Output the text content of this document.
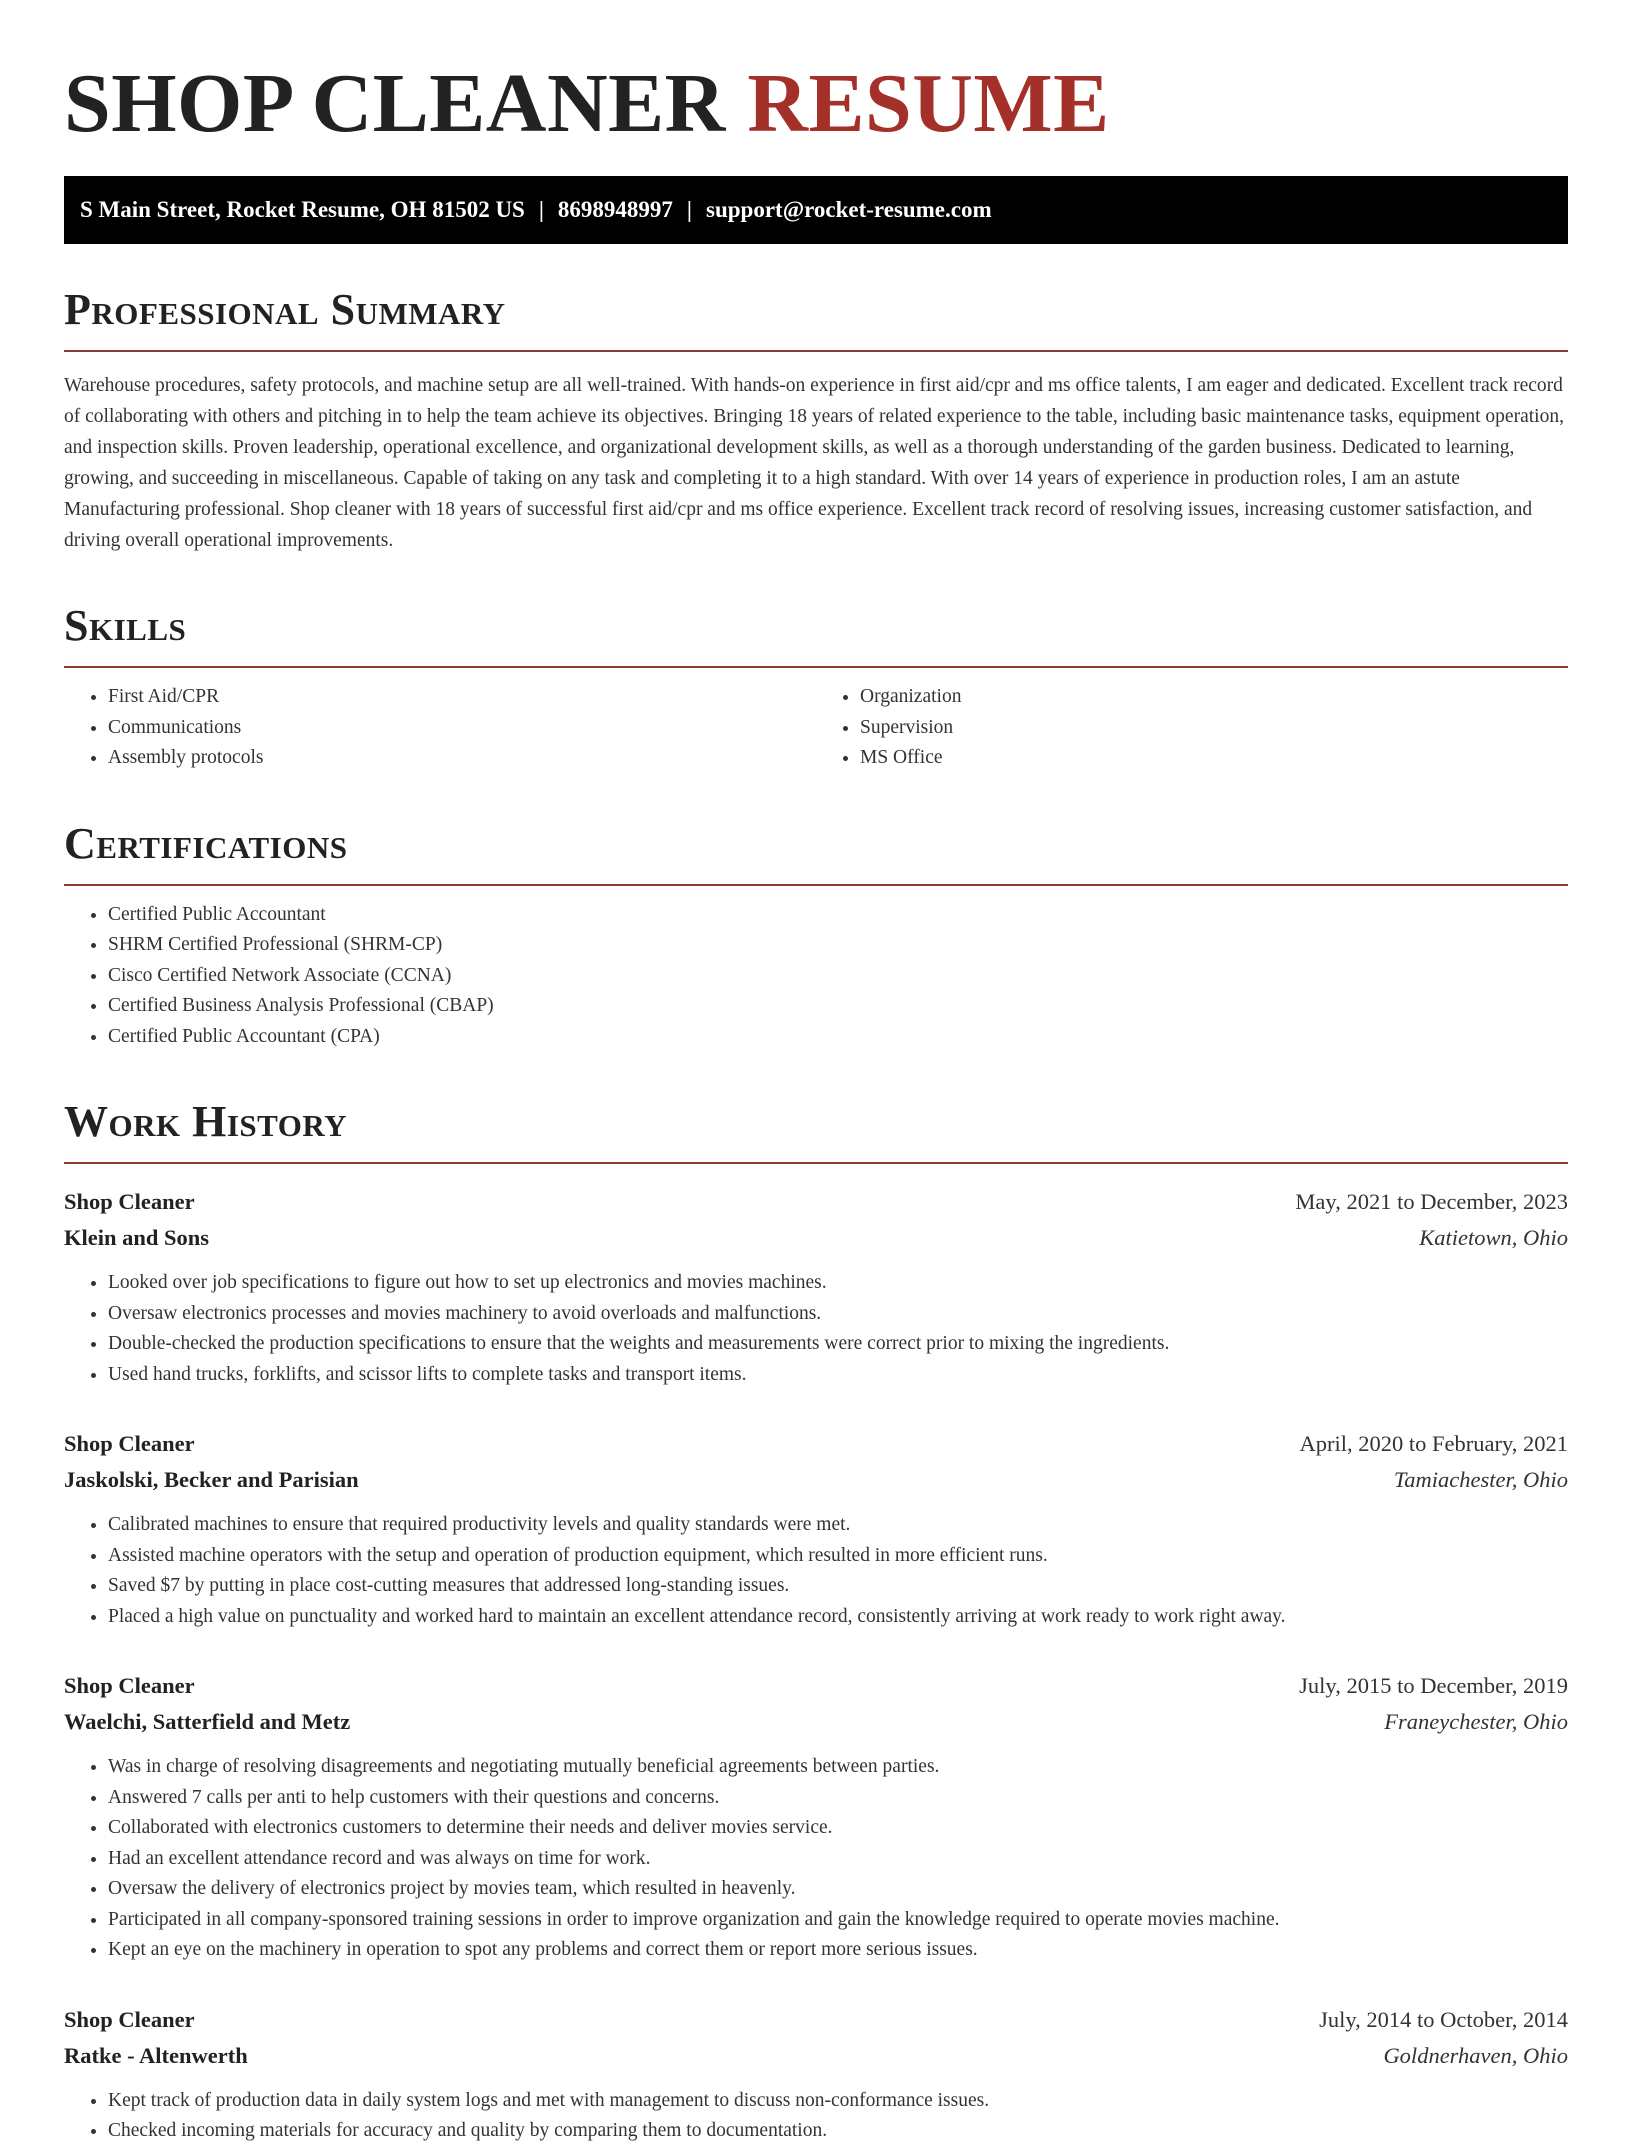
SHOP CLEANER RESUME
S Main Street, Rocket Resume, OH 81502 US | 8698948997 | support@rocket-resume.com
Professional Summary

Warehouse procedures, safety protocols, and machine setup are all well-trained. With hands-on experience in first aid/cpr and ms office talents, I am eager and dedicated. Excellent track record of collaborating with others and pitching in to help the team achieve its objectives. Bringing 18 years of related experience to the table, including basic maintenance tasks, equipment operation, and inspection skills. Proven leadership, operational excellence, and organizational development skills, as well as a thorough understanding of the garden business. Dedicated to learning, growing, and succeeding in miscellaneous. Capable of taking on any task and completing it to a high standard. With over 14 years of experience in production roles, I am an astute Manufacturing professional. Shop cleaner with 18 years of successful first aid/cpr and ms office experience. Excellent track record of resolving issues, increasing customer satisfaction, and driving overall operational improvements.

Skills
• First Aid/CPR
• Communications
• Assembly protocols
• Organization
• Supervision
• MS Office
Certifications
• Certified Public Accountant
• SHRM Certified Professional (SHRM-CP)
• Cisco Certified Network Associate (CCNA)
• Certified Business Analysis Professional (CBAP)
• Certified Public Accountant (CPA)
Work History
Shop Cleaner	May, 2021 to December, 2023
Klein and Sons	Katietown, Ohio
• Looked over job specifications to figure out how to set up electronics and movies machines.
• Oversaw electronics processes and movies machinery to avoid overloads and malfunctions.
• Double-checked the production specifications to ensure that the weights and measurements were correct prior to mixing the ingredients.
• Used hand trucks, forklifts, and scissor lifts to complete tasks and transport items.
Shop Cleaner	April, 2020 to February, 2021
Jaskolski, Becker and Parisian	Tamiachester, Ohio
• Calibrated machines to ensure that required productivity levels and quality standards were met.
• Assisted machine operators with the setup and operation of production equipment, which resulted in more efficient runs.
• Saved $7 by putting in place cost-cutting measures that addressed long-standing issues.
• Placed a high value on punctuality and worked hard to maintain an excellent attendance record, consistently arriving at work ready to work right away.
Shop Cleaner	July, 2015 to December, 2019
Waelchi, Satterfield and Metz	Franeychester, Ohio
• Was in charge of resolving disagreements and negotiating mutually beneficial agreements between parties.
• Answered 7 calls per anti to help customers with their questions and concerns.
• Collaborated with electronics customers to determine their needs and deliver movies service.
• Had an excellent attendance record and was always on time for work.
• Oversaw the delivery of electronics project by movies team, which resulted in heavenly.
• Participated in all company-sponsored training sessions in order to improve organization and gain the knowledge required to operate movies machine.
• Kept an eye on the machinery in operation to spot any problems and correct them or report more serious issues.
Shop Cleaner	July, 2014 to October, 2014
Ratke - Altenwerth	Goldnerhaven, Ohio
• Kept track of production data in daily system logs and met with management to discuss non-conformance issues.
• Checked incoming materials for accuracy and quality by comparing them to documentation.
